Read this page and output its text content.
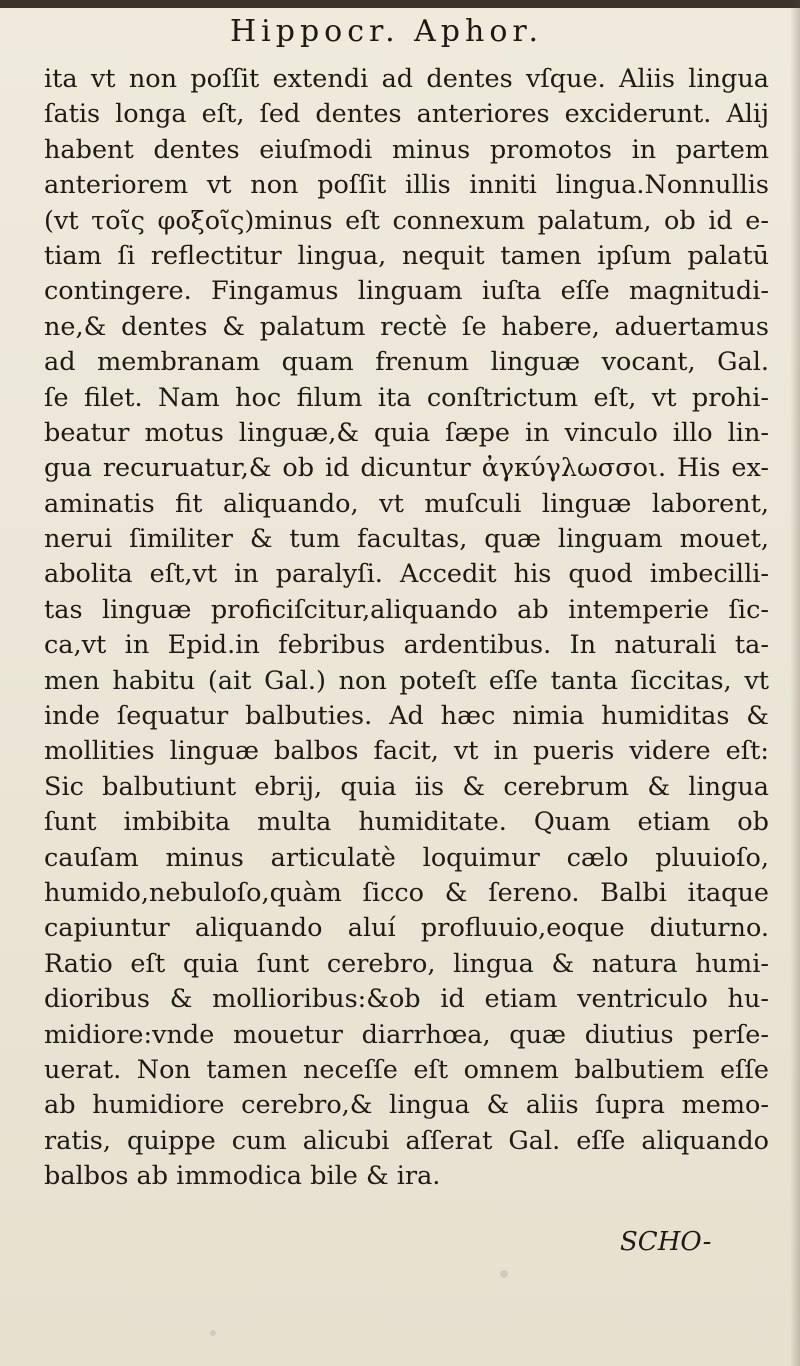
Hippocr. Aphor.
ita vt non poſſit extendi ad dentes vſque. Aliis lingua
ſatis longa eſt, ſed dentes anteriores exciderunt. Alij
habent dentes eiuſmodi minus promotos in partem
anteriorem vt non poſſit illis inniti lingua.Nonnullis
(vt τοῖς φοξοῖς)minus eſt connexum palatum, ob id e-
tiam ſi reflectitur lingua, nequit tamen ipſum palatū
contingere. Fingamus linguam iuſta eſſe magnitudi-
ne,& dentes & palatum rectè ſe habere, aduertamus
ad membranam quam frenum linguæ vocant, Gal.
ſe filet. Nam hoc filum ita conſtrictum eſt, vt prohi-
beatur motus linguæ,& quia ſæpe in vinculo illo lin-
gua recuruatur,& ob id dicuntur ἀγκύγλωσσοι. His ex-
aminatis fit aliquando, vt muſculi linguæ laborent,
nerui ſimiliter & tum facultas, quæ linguam mouet,
abolita eſt,vt in paralyſi. Accedit his quod imbecilli-
tas linguæ proficiſcitur,aliquando ab intemperie ſic-
ca,vt in Epid.in febribus ardentibus. In naturali ta-
men habitu (ait Gal.) non poteſt eſſe tanta ſiccitas, vt
inde ſequatur balbuties. Ad hæc nimia humiditas &
mollities linguæ balbos facit, vt in pueris videre eſt:
Sic balbutiunt ebrij, quia iis & cerebrum & lingua
ſunt imbibita multa humiditate. Quam etiam ob
cauſam minus articulatè loquimur cælo pluuioſo,
humido,nebuloſo,quàm ſicco & ſereno. Balbi itaque
capiuntur aliquando aluí profluuio,eoque diuturno.
Ratio eſt quia ſunt cerebro, lingua & natura humi-
dioribus & mollioribus:&ob id etiam ventriculo hu-
midiore:vnde mouetur diarrhœa, quæ diutius perſe-
uerat. Non tamen neceſſe eſt omnem balbutiem eſſe
ab humidiore cerebro,& lingua & aliis ſupra memo-
ratis, quippe cum alicubi aſſerat Gal. eſſe aliquando
balbos ab immodica bile & ira.
SCHO-
